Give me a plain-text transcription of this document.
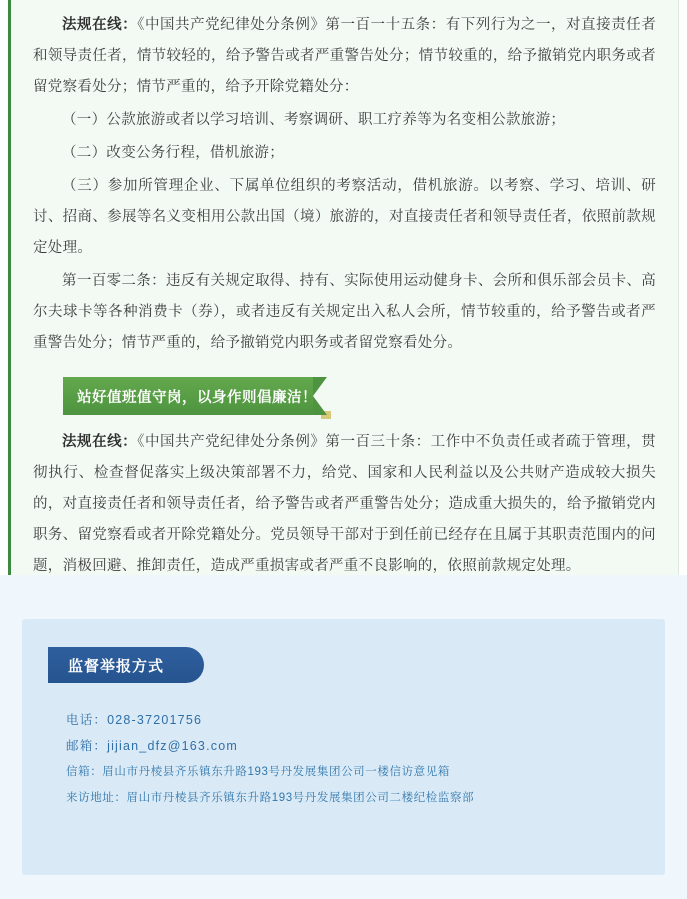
法规在线：《中国共产党纪律处分条例》第一百一十五条：有下列行为之一，对直接责任者和领导责任者，情节较轻的，给予警告或者严重警告处分；情节较重的，给予撤销党内职务或者留党察看处分；情节严重的，给予开除党籍处分：

（一）公款旅游或者以学习培训、考察调研、职工疗养等为名变相公款旅游；

（二）改变公务行程，借机旅游；

（三）参加所管理企业、下属单位组织的考察活动，借机旅游。以考察、学习、培训、研讨、招商、参展等名义变相用公款出国（境）旅游的，对直接责任者和领导责任者，依照前款规定处理。

第一百零二条：违反有关规定取得、持有、实际使用运动健身卡、会所和俱乐部会员卡、高尔夫球卡等各种消费卡（券），或者违反有关规定出入私人会所，情节较重的，给予警告或者严重警告处分；情节严重的，给予撤销党内职务或者留党察看处分。

站好值班值守岗，以身作则倡廉洁！

法规在线：《中国共产党纪律处分条例》第一百三十条：工作中不负责任或者疏于管理，贯彻执行、检查督促落实上级决策部署不力，给党、国家和人民利益以及公共财产造成较大损失的，对直接责任者和领导责任者，给予警告或者严重警告处分；造成重大损失的，给予撤销党内职务、留党察看或者开除党籍处分。党员领导干部对于到任前已经存在且属于其职责范围内的问题，消极回避、推卸责任，造成严重损害或者严重不良影响的，依照前款规定处理。

监督举报方式
电话：028-37201756
邮箱：jijian_dfz@163.com
信箱：眉山市丹棱县齐乐镇东升路193号丹发展集团公司一楼信访意见箱
来访地址：眉山市丹棱县齐乐镇东升路193号丹发展集团公司二楼纪检监察部
